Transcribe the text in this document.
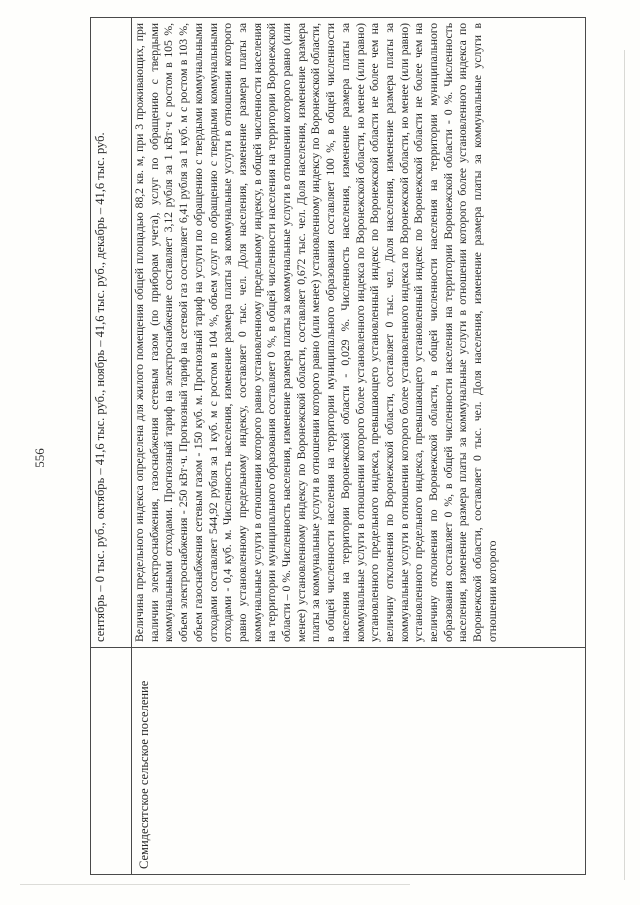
556

	сентябрь – 0 тыс. руб., октябрь – 41,6 тыс. руб., ноябрь – 41,6 тыс. руб., декабрь – 41,6 тыс. руб.

Семидесятское сельское поселение	Величина предельного индекса определена для жилого помещения общей площадью 88,2 кв. м, при 3 проживающих, при наличии электроснабжения, газоснабжения сетевым газом (по приборам учета), услуг по обращению с твердыми коммунальными отходами. Прогнозный тариф на электроснабжение составляет 3,12 рубля за 1 кВт·ч с ростом в 105 %, объем электроснабжения - 250 кВт·ч. Прогнозный тариф на сетевой газ составляет 6,41 рубля за 1 куб. м с ростом в 103 %, объем газоснабжения сетевым газом - 150 куб. м. Прогнозный тариф на услуги по обращению с твердыми коммунальными отходами составляет 544,92 рубля за 1 куб. м с ростом в 104 %, объем услуг по обращению с твердыми коммунальными отходами - 0,4 куб. м. Численность населения, изменение размера платы за коммунальные услуги в отношении которого равно установленному предельному индексу, составляет 0 тыс. чел. Доля населения, изменение размера платы за коммунальные услуги в отношении которого равно установленному предельному индексу, в общей численности населения на территории муниципального образования составляет 0 %, в общей численности населения на территории Воронежской области – 0 %. Численность населения, изменение размера платы за коммунальные услуги в отношении которого равно (или менее) установленному индексу по Воронежской области, составляет 0,672 тыс. чел. Доля населения, изменение размера платы за коммунальные услуги в отношении которого равно (или менее) установленному индексу по Воронежской области, в общей численности населения на территории муниципального образования составляет 100 %, в общей численности населения на территории Воронежской области - 0,029 %. Численность населения, изменение размера платы за коммунальные услуги в отношении которого более установленного индекса по Воронежской области, но менее (или равно) установленного предельного индекса, превышающего установленный индекс по Воронежской области не более чем на величину отклонения по Воронежской области, составляет 0 тыс. чел. Доля населения, изменение размера платы за коммунальные услуги в отношении которого более установленного индекса по Воронежской области, но менее (или равно) установленного предельного индекса, превышающего установленный индекс по Воронежской области не более чем на величину отклонения по Воронежской области, в общей численности населения на территории муниципального образования составляет 0 %, в общей численности населения на территории Воронежской области - 0 %. Численность населения, изменение размера платы за коммунальные услуги в отношении которого более установленного индекса по Воронежской области, составляет 0 тыс. чел. Доля населения, изменение размера платы за коммунальные услуги в отношении которого
